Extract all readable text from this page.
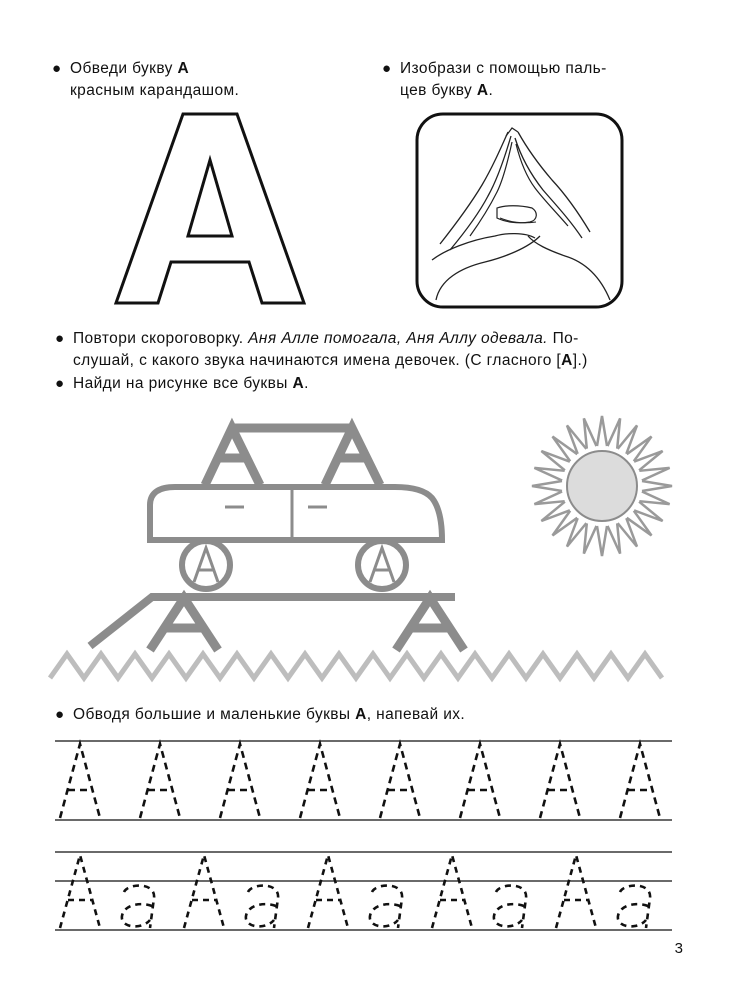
● Обведи букву А
красным карандашом.
● Изобрази с помощью паль-
цев букву А.
● Повтори скороговорку. Аня Алле помогала, Аня Аллу одевала. По-
слушай, с какого звука начинаются имена девочек. (С гласного [А].)
● Найди на рисунке все буквы А.
● Обводя большие и маленькие буквы А, напевай их.
3
